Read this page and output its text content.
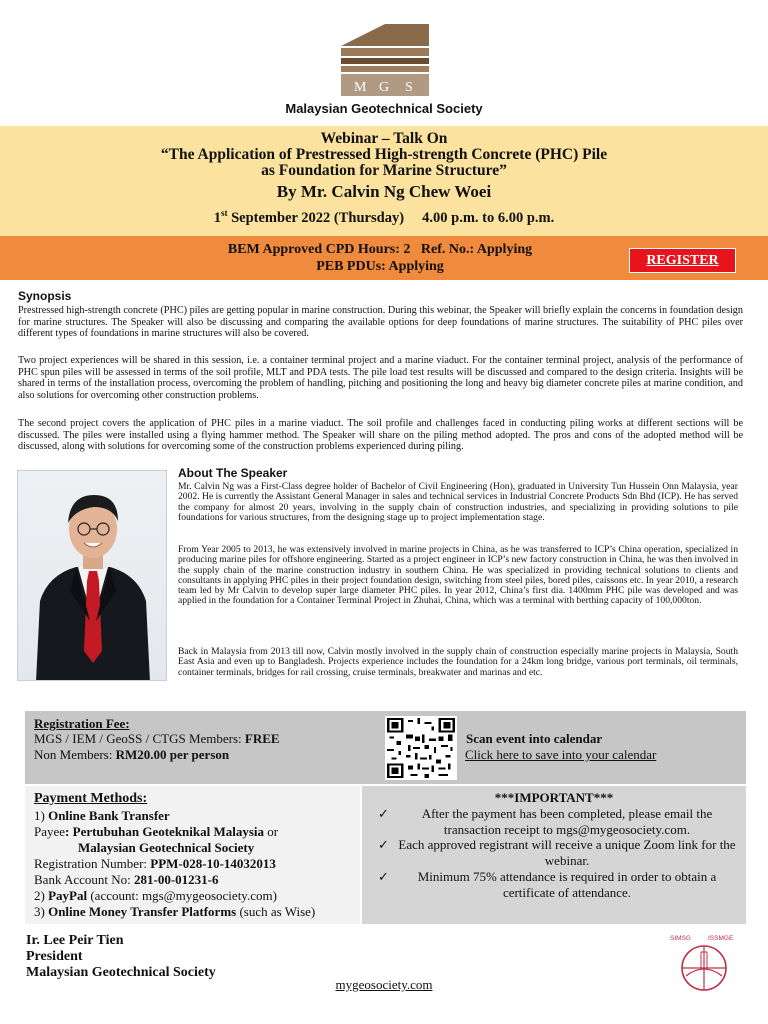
M G S
Malaysian Geotechnical Society
Webinar – Talk On
“The Application of Prestressed High-strength Concrete (PHC) Pile
as Foundation for Marine Structure”
By Mr. Calvin Ng Chew Woei
1st September 2022 (Thursday)     4.00 p.m. to 6.00 p.m.
BEM Approved CPD Hours: 2   Ref. No.: Applying
PEB PDUs: Applying	REGISTER
Synopsis
Prestressed high-strength concrete (PHC) piles are getting popular in marine construction. During this webinar, the Speaker will briefly explain the concerns in foundation design for marine structures. The Speaker will also be discussing and comparing the available options for deep foundations of marine structures. The suitability of PHC piles over different types of foundations in marine structures will also be covered.
Two project experiences will be shared in this session, i.e. a container terminal project and a marine viaduct. For the container terminal project, analysis of the performance of PHC spun piles will be assessed in terms of the soil profile, MLT and PDA tests. The pile load test results will be discussed and compared to the design criteria. Insights will be shared in terms of the installation process, overcoming the problem of handling, pitching and positioning the long and heavy big diameter concrete piles at marine condition, and also solutions for overcoming other construction problems.
The second project covers the application of PHC piles in a marine viaduct. The soil profile and challenges faced in conducting piling works at different sections will be discussed. The piles were installed using a flying hammer method. The Speaker will share on the piling method adopted. The pros and cons of the adopted method will be discussed, along with solutions for overcoming some of the construction problems experienced during piling.
About The Speaker
Mr. Calvin Ng was a First-Class degree holder of Bachelor of Civil Engineering (Hon), graduated in University Tun Hussein Onn Malaysia, year 2002. He is currently the Assistant General Manager in sales and technical services in Industrial Concrete Products Sdn Bhd (ICP). He has served the company for almost 20 years, involving in the supply chain of construction industries, and specializing in providing solutions to pile foundations for various structures, from the designing stage up to project implementation stage.
From Year 2005 to 2013, he was extensively involved in marine projects in China, as he was transferred to ICP’s China operation, specialized in producing marine piles for offshore engineering. Started as a project engineer in ICP’s new factory construction in China, he was then involved in the supply chain of the marine construction industry in southern China. He was specialized in providing technical solutions to clients and consultants in applying PHC piles in their project foundation design, switching from steel piles, bored piles, caissons etc. In year 2010, a research team led by Mr Calvin to develop super large diameter PHC piles. In year 2012, China’s first dia. 1400mm PHC pile was developed and was applied in the foundation for a Container Terminal Project in Zhuhai, China, which was a terminal with berthing capacity of 100,000ton.
Back in Malaysia from 2013 till now, Calvin mostly involved in the supply chain of construction especially marine projects in Malaysia, South East Asia and even up to Bangladesh. Projects experience includes the foundation for a 24km long bridge, various port terminals, oil terminals, container terminals, bridges for rail crossing, cruise terminals, breakwater and marinas and etc.
Registration Fee:
MGS / IEM / GeoSS / CTGS Members: FREE
Non Members: RM20.00 per person
Scan event into calendar
Click here to save into your calendar
Payment Methods:
1) Online Bank Transfer
Payee: Pertubuhan Geoteknikal Malaysia or
Malaysian Geotechnical Society
Registration Number: PPM-028-10-14032013
Bank Account No: 281-00-01231-6
2) PayPal (account: mgs@mygeosociety.com)
3) Online Money Transfer Platforms (such as Wise)
***IMPORTANT***
✓	After the payment has been completed, please email the transaction receipt to mgs@mygeosociety.com.
✓ Each approved registrant will receive a unique Zoom link for the webinar.
✓	Minimum 75% attendance is required in order to obtain a certificate of attendance.
Ir. Lee Peir Tien
President
Malaysian Geotechnical Society
mygeosociety.com
SIMSG	ISSMGE
